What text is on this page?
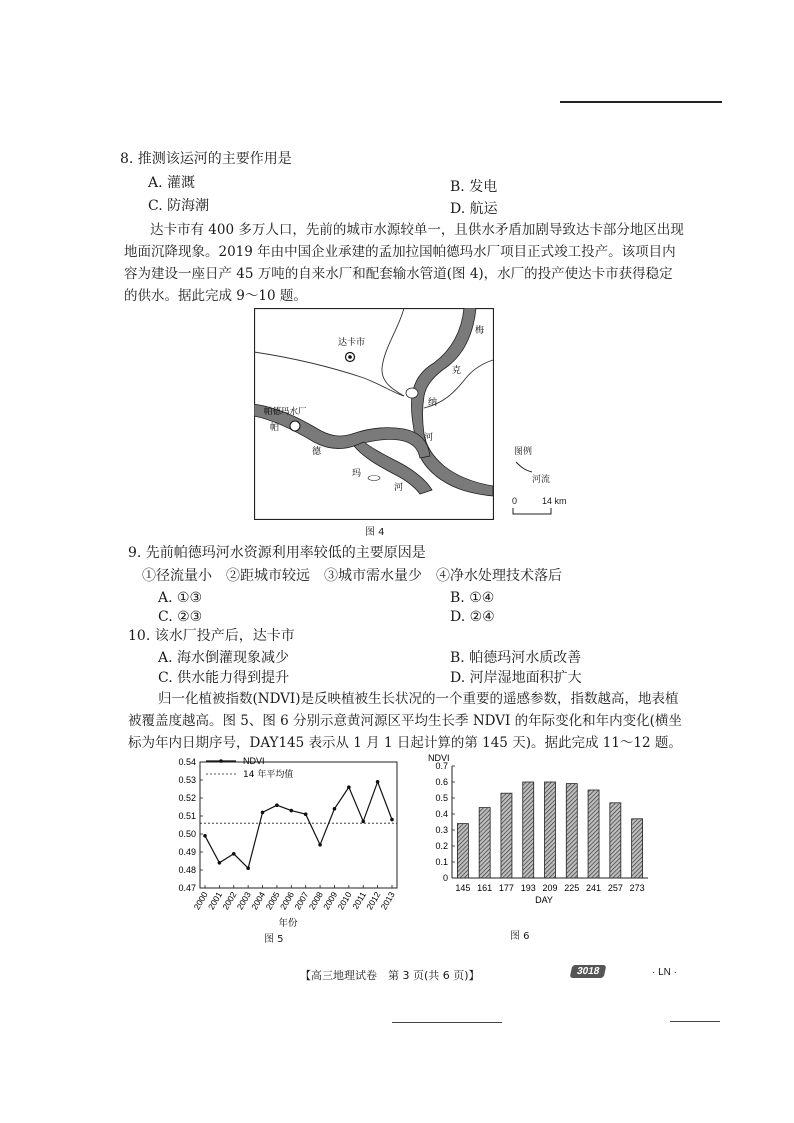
8. 推测该运河的主要作用是
A. 灌溉	B. 发电
C. 防海潮	D. 航运
达卡市有 400 多万人口，先前的城市水源较单一，且供水矛盾加剧导致达卡部分地区出现
地面沉降现象。2019 年由中国企业承建的孟加拉国帕德玛水厂项目正式竣工投产。该项目内
容为建设一座日产 45 万吨的自来水厂和配套输水管道(图 4)，水厂的投产使达卡市获得稳定
的供水。据此完成 9～10 题。
达卡市
帕德玛水厂
帕
德
玛
河
梅
克
纳
河
图例
河流
0	14 km
图 4
9. 先前帕德玛河水资源利用率较低的主要原因是
①径流量小　②距城市较远　③城市需水量少　④净水处理技术落后
A. ①③	B. ①④
C. ②③	D. ②④
10. 该水厂投产后，达卡市
A. 海水倒灌现象减少	B. 帕德玛河水质改善
C. 供水能力得到提升	D. 河岸湿地面积扩大
归一化植被指数(NDVI)是反映植被生长状况的一个重要的遥感参数，指数越高，地表植
被覆盖度越高。图 5、图 6 分别示意黄河源区平均生长季 NDVI 的年际变化和年内变化(横坐
标为年内日期序号，DAY145 表示从 1 月 1 日起计算的第 145 天)。据此完成 11～12 题。
0.54
0.53
0.52
0.51
0.50
0.49
0.48
0.47
2000
2001
2002
2003
2004
2005
2006
2007
2008
2009
2010
2011
2012
2013
NDVI
14 年平均值
年份
NDVI
0.7
0.6
0.5
0.4
0.3
0.2
0.1
0
145 161 177 193 209 225 241 257 273
DAY
图 5	图 6
【高三地理试卷　第 3 页(共 6 页)】	3018	· LN ·
